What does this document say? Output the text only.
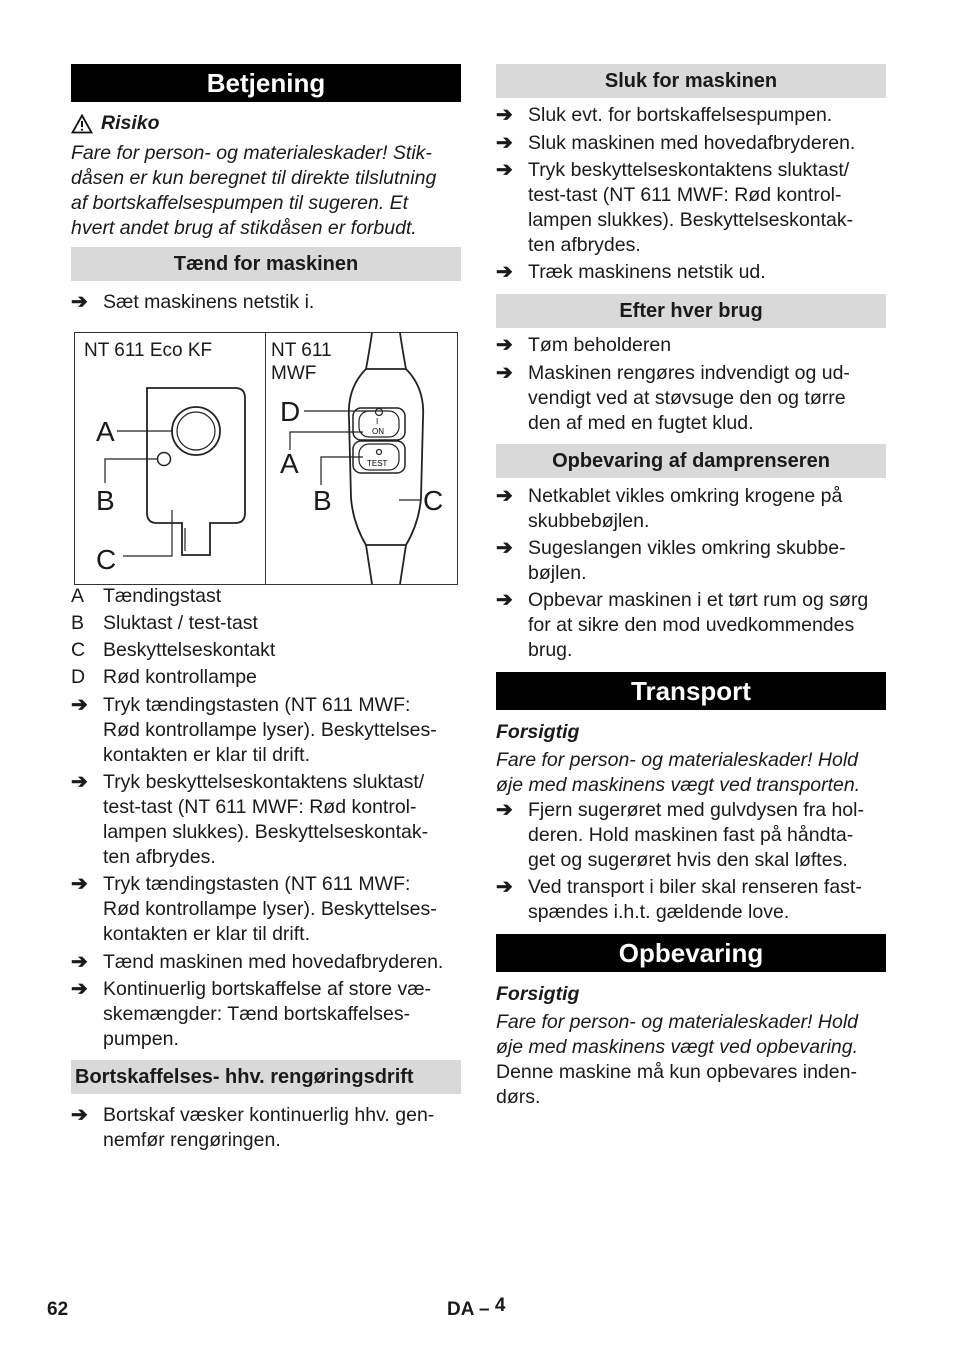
Betjening
Risiko
Fare for person- og materialeskader! Stik-
dåsen er kun beregnet til direkte tilslutning
af bortskaffelsespumpen til sugeren. Et
hvert andet brug af stikdåsen er forbudt.
Tænd for maskinen
➔ Sæt maskinens netstik i.
NT 611 Eco KF
A
B
C
NT 611
MWF
I
ON
TEST
D
A
B	C
A Tændingstast
B Sluktast / test-tast
C Beskyttelseskontakt
D Rød kontrollampe
➔ Tryk tændingstasten (NT 611 MWF:
Rød kontrollampe lyser). Beskyttelses-
kontakten er klar til drift.
➔ Tryk beskyttelseskontaktens sluktast/
test-tast (NT 611 MWF: Rød kontrol-
lampen slukkes). Beskyttelseskontak-
ten afbrydes.
➔ Tryk tændingstasten (NT 611 MWF:
Rød kontrollampe lyser). Beskyttelses-
kontakten er klar til drift.
➔ Tænd maskinen med hovedafbryderen.
➔ Kontinuerlig bortskaffelse af store væ-
skemængder: Tænd bortskaffelses-
pumpen.
Bortskaffelses- hhv. rengøringsdrift
➔ Bortskaf væsker kontinuerlig hhv. gen-
nemfør rengøringen.
Sluk for maskinen
➔ Sluk evt. for bortskaffelsespumpen.
➔ Sluk maskinen med hovedafbryderen.
➔ Tryk beskyttelseskontaktens sluktast/
test-tast (NT 611 MWF: Rød kontrol-
lampen slukkes). Beskyttelseskontak-
ten afbrydes.
➔ Træk maskinens netstik ud.
Efter hver brug
➔ Tøm beholderen
➔ Maskinen rengøres indvendigt og ud-
vendigt ved at støvsuge den og tørre
den af med en fugtet klud.
Opbevaring af damprenseren
➔ Netkablet vikles omkring krogene på
skubbebøjlen.
➔ Sugeslangen vikles omkring skubbe-
bøjlen.
➔ Opbevar maskinen i et tørt rum og sørg
for at sikre den mod uvedkommendes
brug.
Transport
Forsigtig
Fare for person- og materialeskader! Hold
øje med maskinens vægt ved transporten.
➔ Fjern sugerøret med gulvdysen fra hol-
deren. Hold maskinen fast på håndta-
get og sugerøret hvis den skal løftes.
➔ Ved transport i biler skal renseren fast-
spændes i.h.t. gældende love.
Opbevaring
Forsigtig
Fare for person- og materialeskader! Hold
øje med maskinens vægt ved opbevaring.
Denne maskine må kun opbevares inden-
dørs.
62	DA – 4
